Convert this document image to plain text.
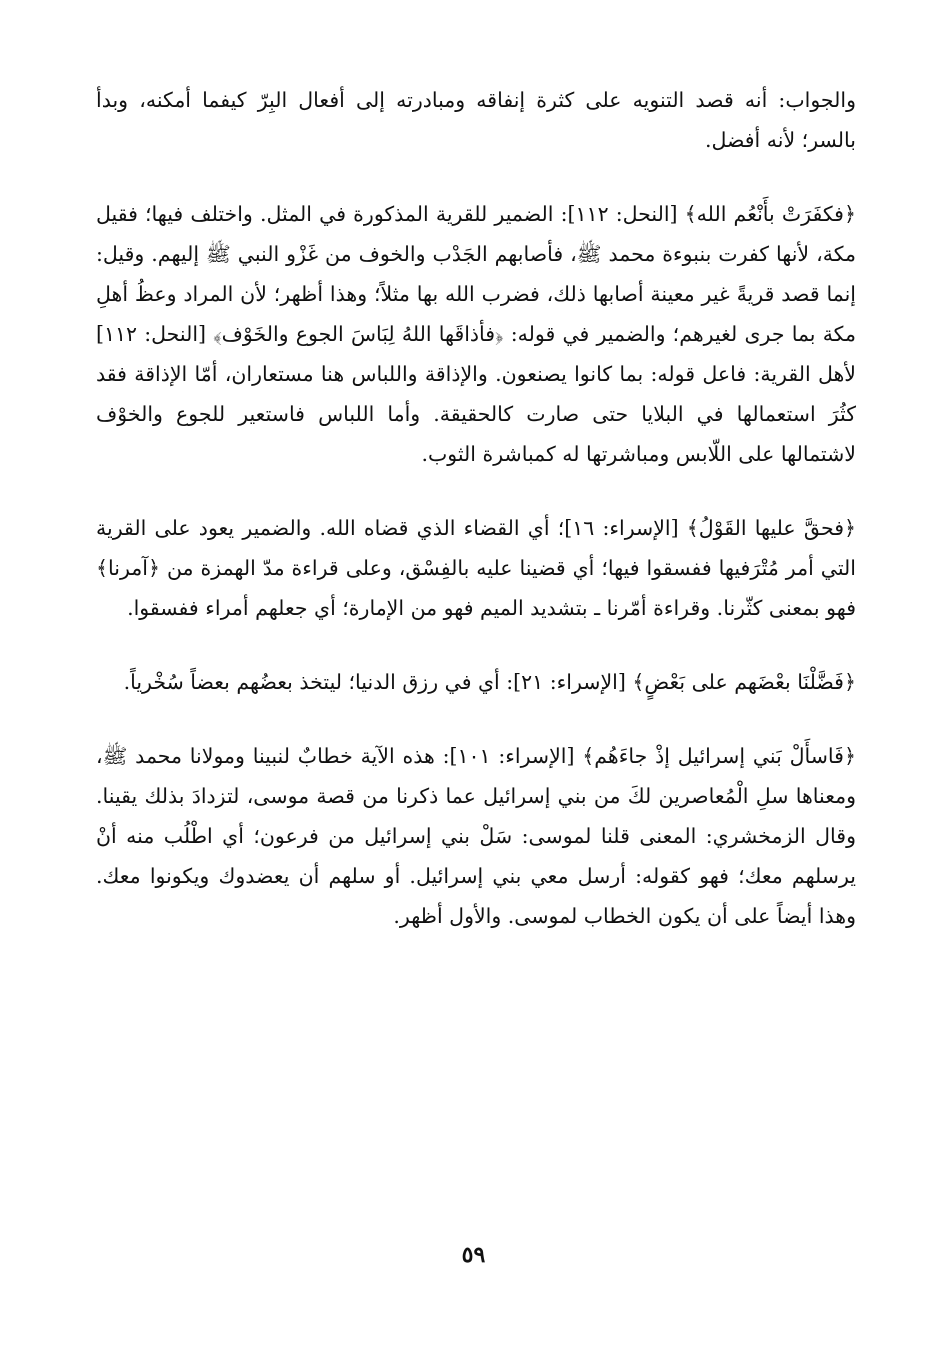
والجواب: أنه قصد التنويه على كثرة إنفاقه ومبادرته إلى أفعال البِرّ كيفما أمكنه، وبدأ بالسر؛ لأنه أفضل.

﴿فكفَرَتْ بأَنْعُم الله﴾ [النحل: ١١٢]: الضمير للقرية المذكورة في المثل. واختلف فيها؛ فقيل مكة، لأنها كفرت بنبوءة محمد ﷺ، فأصابهم الجَدْب والخوف من غَزْو النبي ﷺ إليهم. وقيل: إنما قصد قريةً غير معينة أصابها ذلك، فضرب الله بها مثلاً؛ وهذا أظهر؛ لأن المراد وعظُ أهلِ مكة بما جرى لغيرهم؛ والضمير في قوله: ﴿فأذاقَها اللهُ لِبَاسَ الجوع والخَوْف﴾ [النحل: ١١٢] لأهل القرية: فاعل قوله: بما كانوا يصنعون. والإذاقة واللباس هنا مستعاران، أمّا الإذاقة فقد كثُرَ استعمالها في البلايا حتى صارت كالحقيقة. وأما اللباس فاستعير للجوع والخوْف لاشتمالها على اللّابس ومباشرتها له كمباشرة الثوب.

﴿فحقَّ عليها القَوْلُ﴾ [الإسراء: ١٦]؛ أي القضاء الذي قضاه الله. والضمير يعود على القرية التي أمر مُتْرَفيها ففسقوا فيها؛ أي قضينا عليه بالفِسْق، وعلى قراءة مدّ الهمزة من ﴿آمرنا﴾ فهو بمعنى كثّرنا. وقراءة أمّرنا ـ بتشديد الميم فهو من الإمارة؛ أي جعلهم أمراء ففسقوا.

﴿فَضَّلْنَا بعْضَهم على بَعْضٍ﴾ [الإسراء: ٢١]: أي في رزق الدنيا؛ ليتخذ بعضُهم بعضاً سُخْرياً.

﴿فَاسأَلْ بَني إسرائيل إذْ جاءَهُم﴾ [الإسراء: ١٠١]: هذه الآية خطابٌ لنبينا ومولانا محمد ﷺ، ومعناها سلِ الْمُعاصرين لكَ من بني إسرائيل عما ذكرنا من قصة موسى، لتزدادَ بذلك يقينا. وقال الزمخشري: المعنى قلنا لموسى: سَلْ بني إسرائيل من فرعون؛ أي اطْلُب منه أنْ يرسلهم معك؛ فهو كقوله: أرسل معي بني إسرائيل. أو سلهم أن يعضدوك ويكونوا معك. وهذا أيضاً على أن يكون الخطاب لموسى. والأول أظهر.

٥٩
